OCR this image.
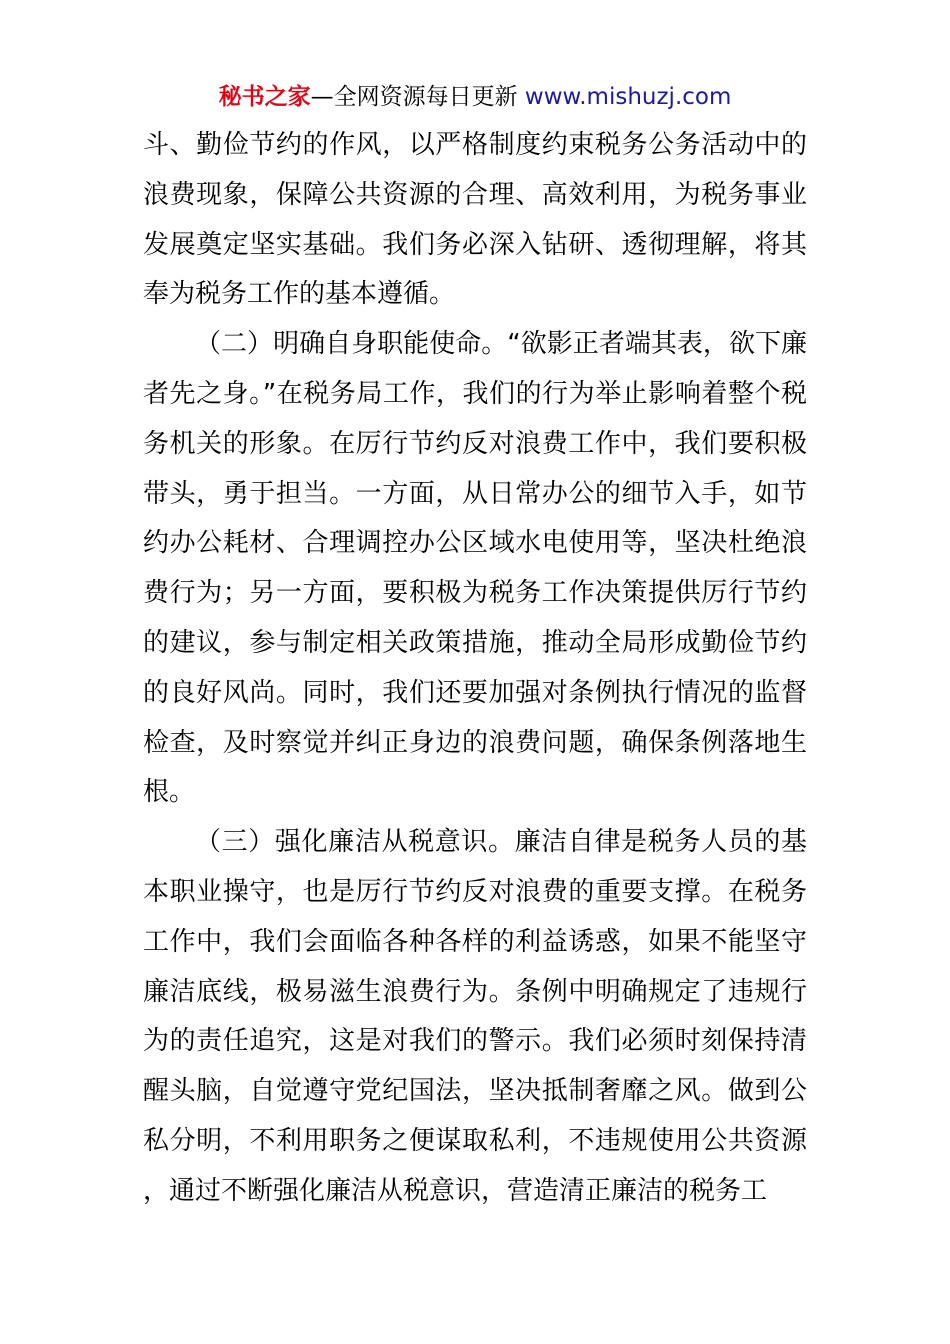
秘书之家—全网资源每日更新 www.mishuzj.com

斗、勤俭节约的作风，以严格制度约束税务公务活动中的浪费现象，保障公共资源的合理、高效利用，为税务事业发展奠定坚实基础。我们务必深入钻研、透彻理解，将其奉为税务工作的基本遵循。

（二）明确自身职能使命。“欲影正者端其表，欲下廉者先之身。”在税务局工作，我们的行为举止影响着整个税务机关的形象。在厉行节约反对浪费工作中，我们要积极带头，勇于担当。一方面，从日常办公的细节入手，如节约办公耗材、合理调控办公区域水电使用等，坚决杜绝浪费行为；另一方面，要积极为税务工作决策提供厉行节约的建议，参与制定相关政策措施，推动全局形成勤俭节约的良好风尚。同时，我们还要加强对条例执行情况的监督检查，及时察觉并纠正身边的浪费问题，确保条例落地生根。

（三）强化廉洁从税意识。廉洁自律是税务人员的基本职业操守，也是厉行节约反对浪费的重要支撑。在税务工作中，我们会面临各种各样的利益诱惑，如果不能坚守廉洁底线，极易滋生浪费行为。条例中明确规定了违规行为的责任追究，这是对我们的警示。我们必须时刻保持清醒头脑，自觉遵守党纪国法，坚决抵制奢靡之风。做到公私分明，不利用职务之便谋取私利，不违规使用公共资源，通过不断强化廉洁从税意识，营造清正廉洁的税务工
